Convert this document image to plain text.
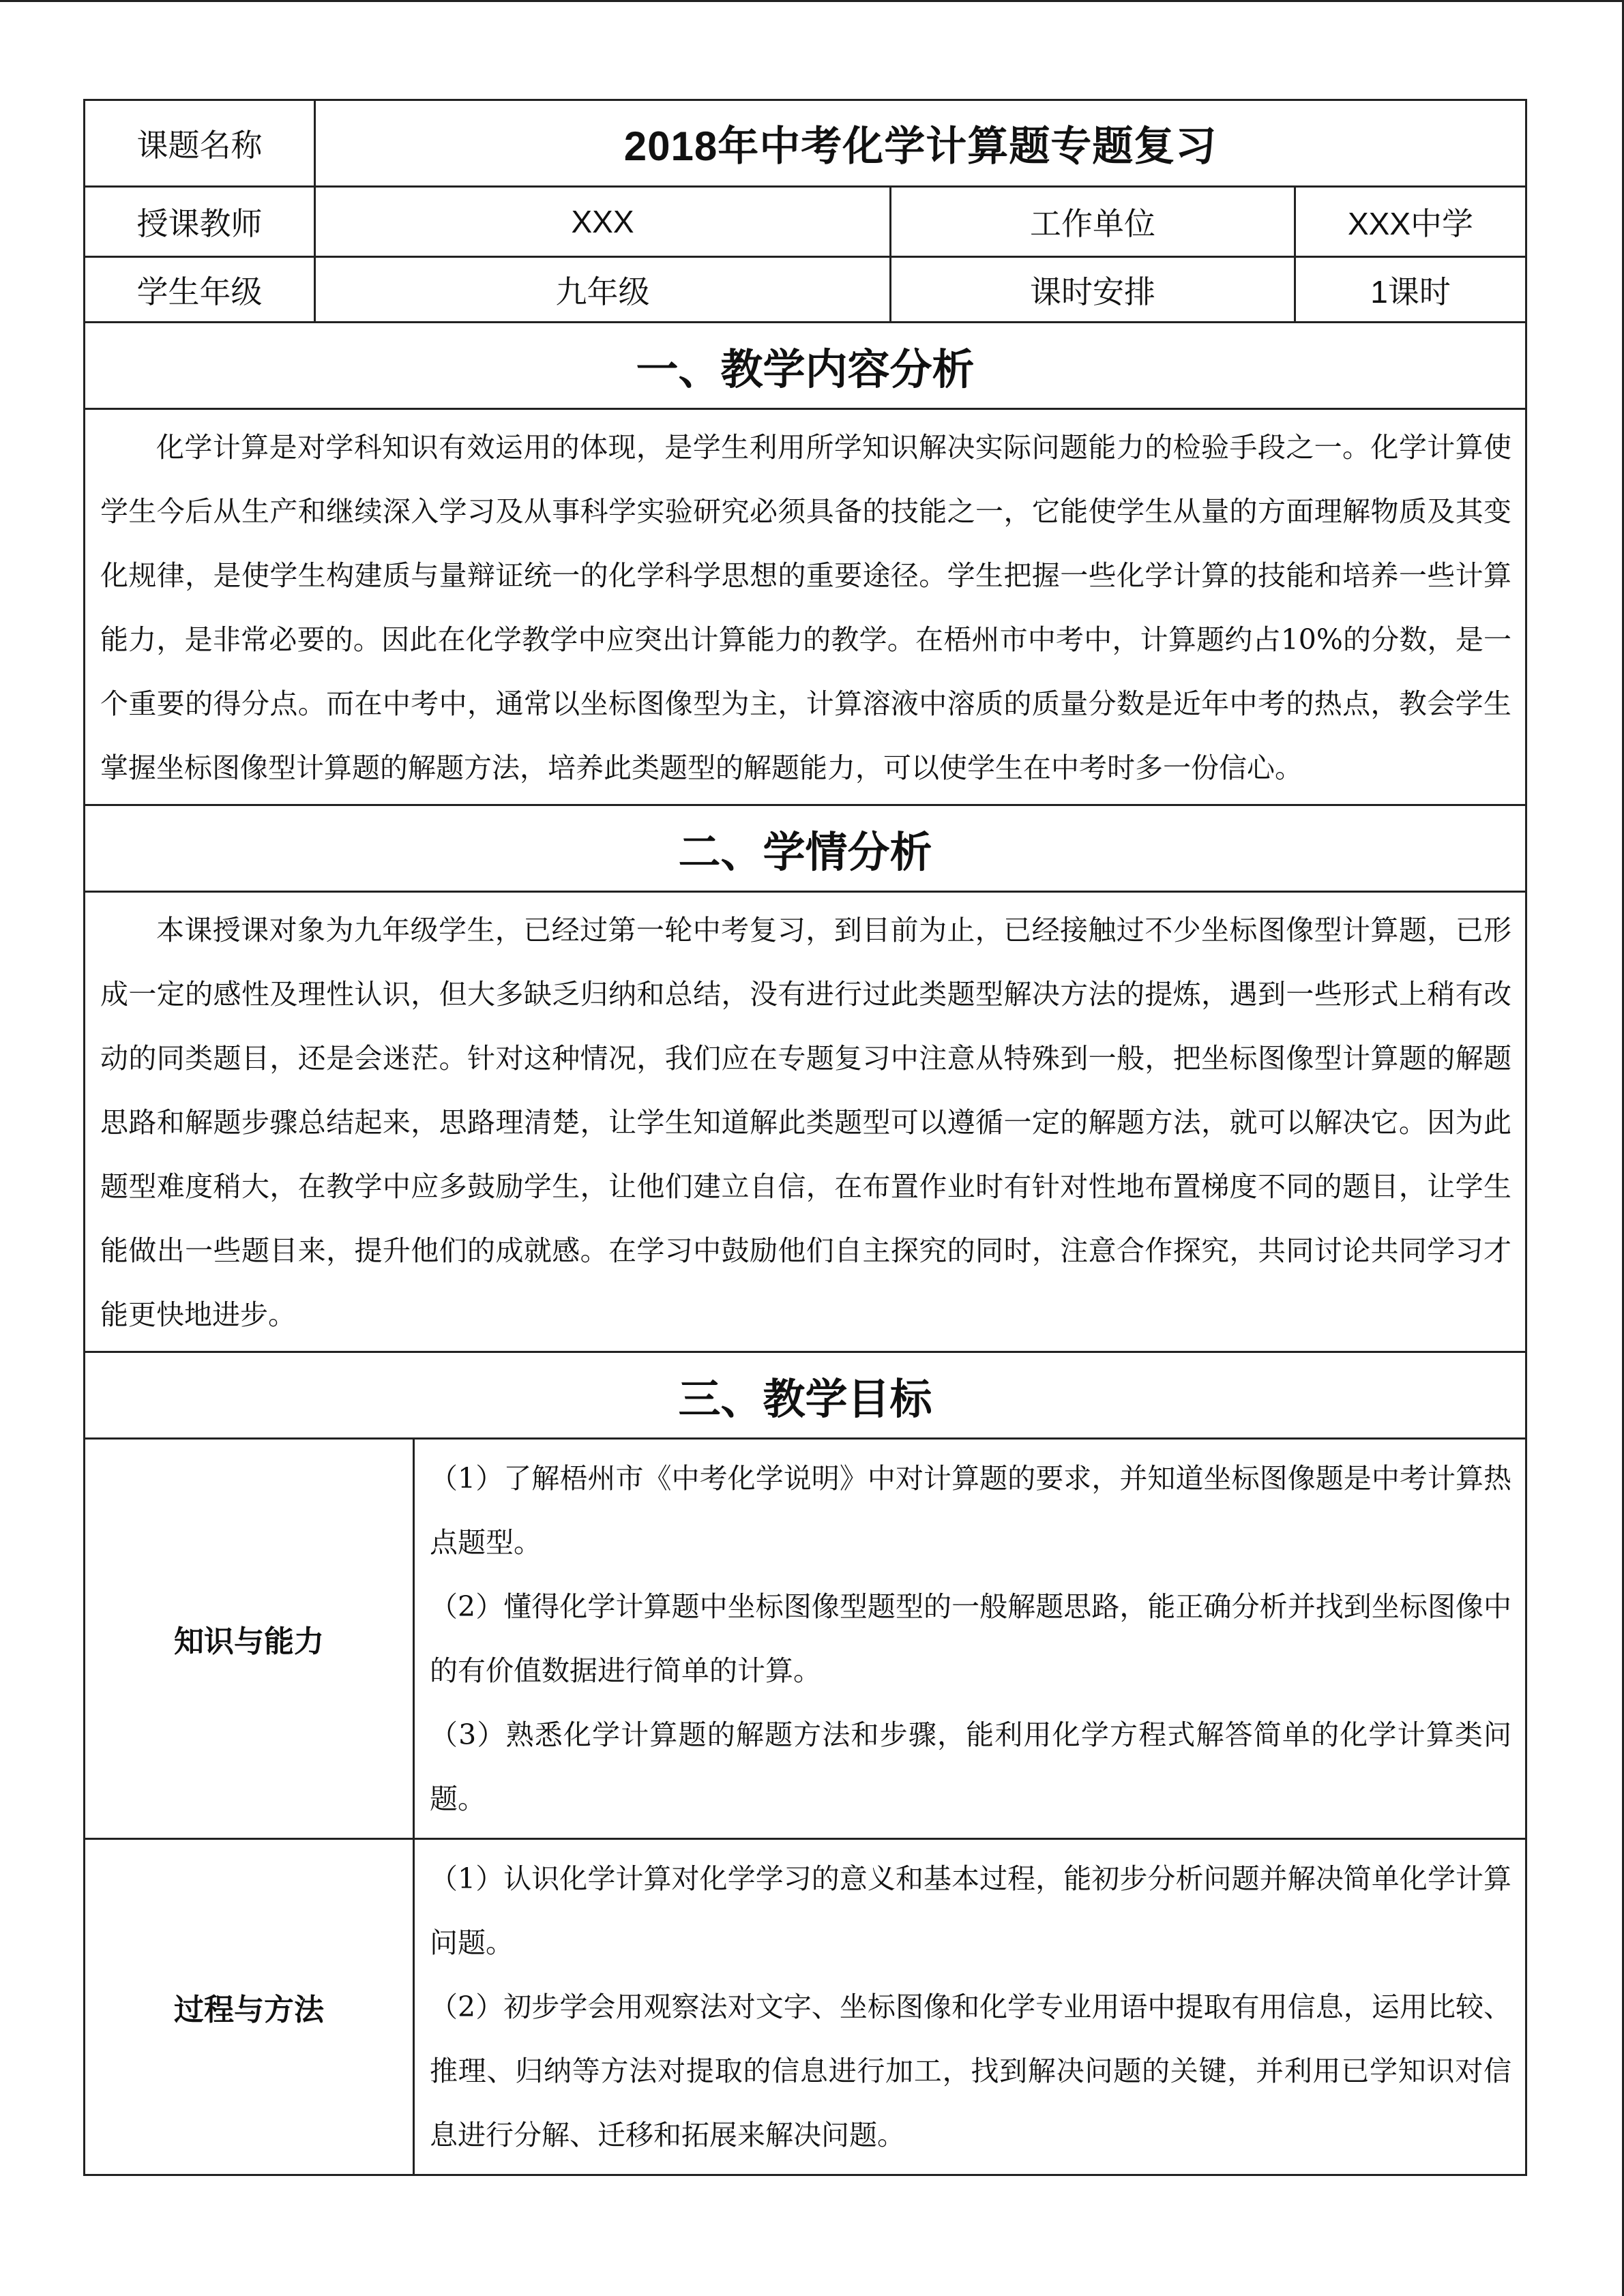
课题名称	2018年中考化学计算题专题复习			
授课教师	XXX		工作单位	XXX中学
学生年级	九年级		课时安排	1课时
一、教学内容分析				
化学计算是对学科知识有效运用的体现，是学生利用所学知识解决实际问题能力的检验手段之一。化学计算使学生今后从生产和继续深入学习及从事科学实验研究必须具备的技能之一，它能使学生从量的方面理解物质及其变化规律，是使学生构建质与量辩证统一的化学科学思想的重要途径。学生把握一些化学计算的技能和培养一些计算能力，是非常必要的。因此在化学教学中应突出计算能力的教学。在梧州市中考中，计算题约占10%的分数，是一个重要的得分点。而在中考中，通常以坐标图像型为主，计算溶液中溶质的质量分数是近年中考的热点，教会学生掌握坐标图像型计算题的解题方法，培养此类题型的解题能力，可以使学生在中考时多一份信心。				
二、学情分析				
本课授课对象为九年级学生，已经过第一轮中考复习，到目前为止，已经接触过不少坐标图像型计算题，已形成一定的感性及理性认识，但大多缺乏归纳和总结，没有进行过此类题型解决方法的提炼，遇到一些形式上稍有改动的同类题目，还是会迷茫。针对这种情况，我们应在专题复习中注意从特殊到一般，把坐标图像型计算题的解题思路和解题步骤总结起来，思路理清楚，让学生知道解此类题型可以遵循一定的解题方法，就可以解决它。因为此题型难度稍大，在教学中应多鼓励学生，让他们建立自信，在布置作业时有针对性地布置梯度不同的题目，让学生能做出一些题目来，提升他们的成就感。在学习中鼓励他们自主探究的同时，注意合作探究，共同讨论共同学习才能更快地进步。				
三、教学目标				
知识与能力		（1）了解梧州市《中考化学说明》中对计算题的要求，并知道坐标图像题是中考计算热点题型。

（2）懂得化学计算题中坐标图像型题型的一般解题思路，能正确分析并找到坐标图像中的有价值数据进行简单的计算。

（3）熟悉化学计算题的解题方法和步骤，能利用化学方程式解答简单的化学计算类问题。		

过程与方法		（1）认识化学计算对化学学习的意义和基本过程，能初步分析问题并解决简单化学计算问题。

（2）初步学会用观察法对文字、坐标图像和化学专业用语中提取有用信息，运用比较、推理、归纳等方法对提取的信息进行加工，找到解决问题的关键，并利用已学知识对信息进行分解、迁移和拓展来解决问题。		
